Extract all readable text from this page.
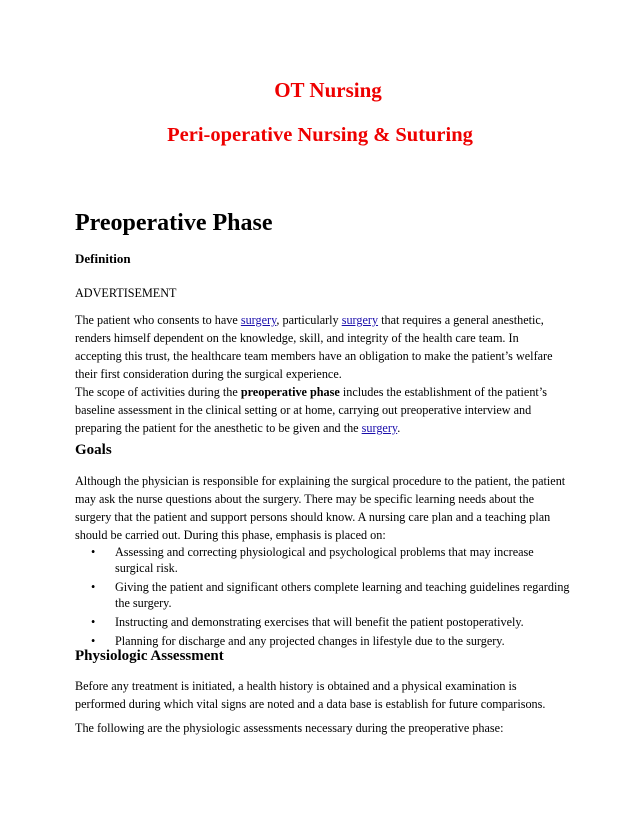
OT Nursing
Peri-operative Nursing & Suturing
Preoperative Phase
Definition
ADVERTISEMENT
The patient who consents to have surgery, particularly surgery that requires a general anesthetic, renders himself dependent on the knowledge, skill, and integrity of the health care team. In accepting this trust, the healthcare team members have an obligation to make the patient’s welfare their first consideration during the surgical experience.
The scope of activities during the preoperative phase includes the establishment of the patient’s baseline assessment in the clinical setting or at home, carrying out preoperative interview and preparing the patient for the anesthetic to be given and the surgery.
Goals
Although the physician is responsible for explaining the surgical procedure to the patient, the patient may ask the nurse questions about the surgery. There may be specific learning needs about the surgery that the patient and support persons should know. A nursing care plan and a teaching plan should be carried out. During this phase, emphasis is placed on:
• Assessing and correcting physiological and psychological problems that may increase surgical risk.
• Giving the patient and significant others complete learning and teaching guidelines regarding the surgery.
• Instructing and demonstrating exercises that will benefit the patient postoperatively.
• Planning for discharge and any projected changes in lifestyle due to the surgery.
Physiologic Assessment
Before any treatment is initiated, a health history is obtained and a physical examination is performed during which vital signs are noted and a data base is establish for future comparisons.
The following are the physiologic assessments necessary during the preoperative phase:
